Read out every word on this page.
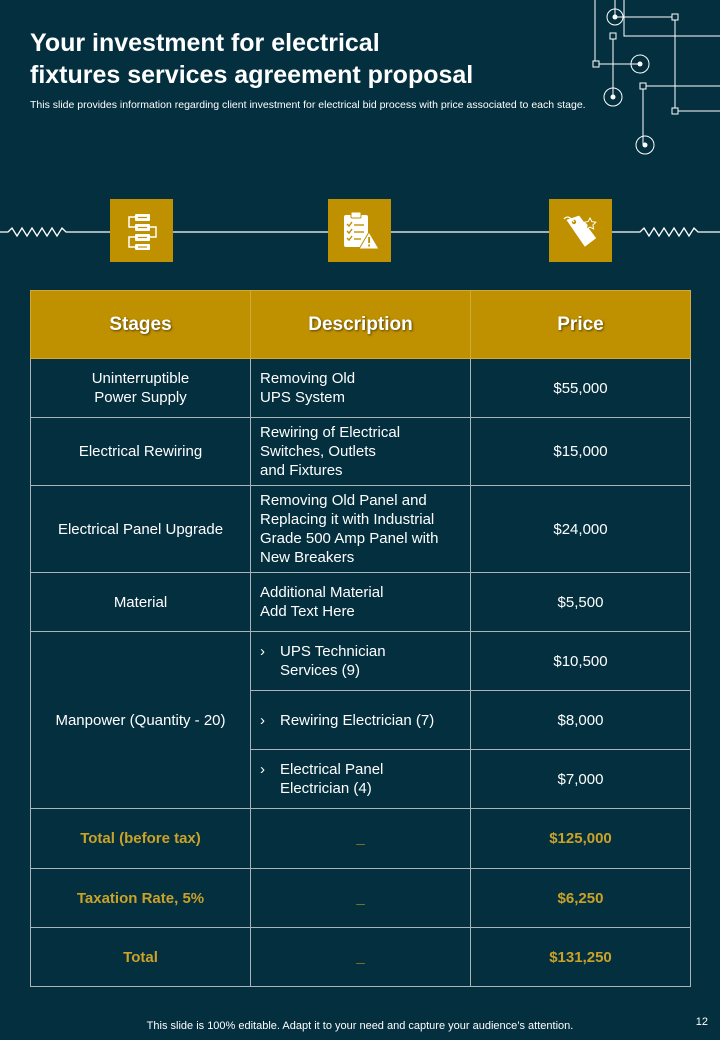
Your investment for electrical
fixtures services agreement proposal

This slide provides information regarding client investment for electrical bid process with price associated to each stage.

Stages	Description	Price
Uninterruptible
Power Supply	Removing Old
UPS System	$55,000
Electrical Rewiring	Rewiring of Electrical
Switches, Outlets
and Fixtures	$15,000
Electrical Panel Upgrade	Removing Old Panel and
Replacing it with Industrial
Grade 500 Amp Panel with
New Breakers	$24,000
Material	Additional Material
Add Text Here	$5,500
Manpower (Quantity - 20)	› UPS Technician
Services (9)	$10,500

	› Rewiring Electrician (7)	$8,000

	› Electrical Panel
Electrician (4)	$7,000
Total (before tax)	_	$125,000
Taxation Rate, 5%	_	$6,250
Total	_	$131,250
This slide is 100% editable. Adapt it to your need and capture your audience’s attention.	12
